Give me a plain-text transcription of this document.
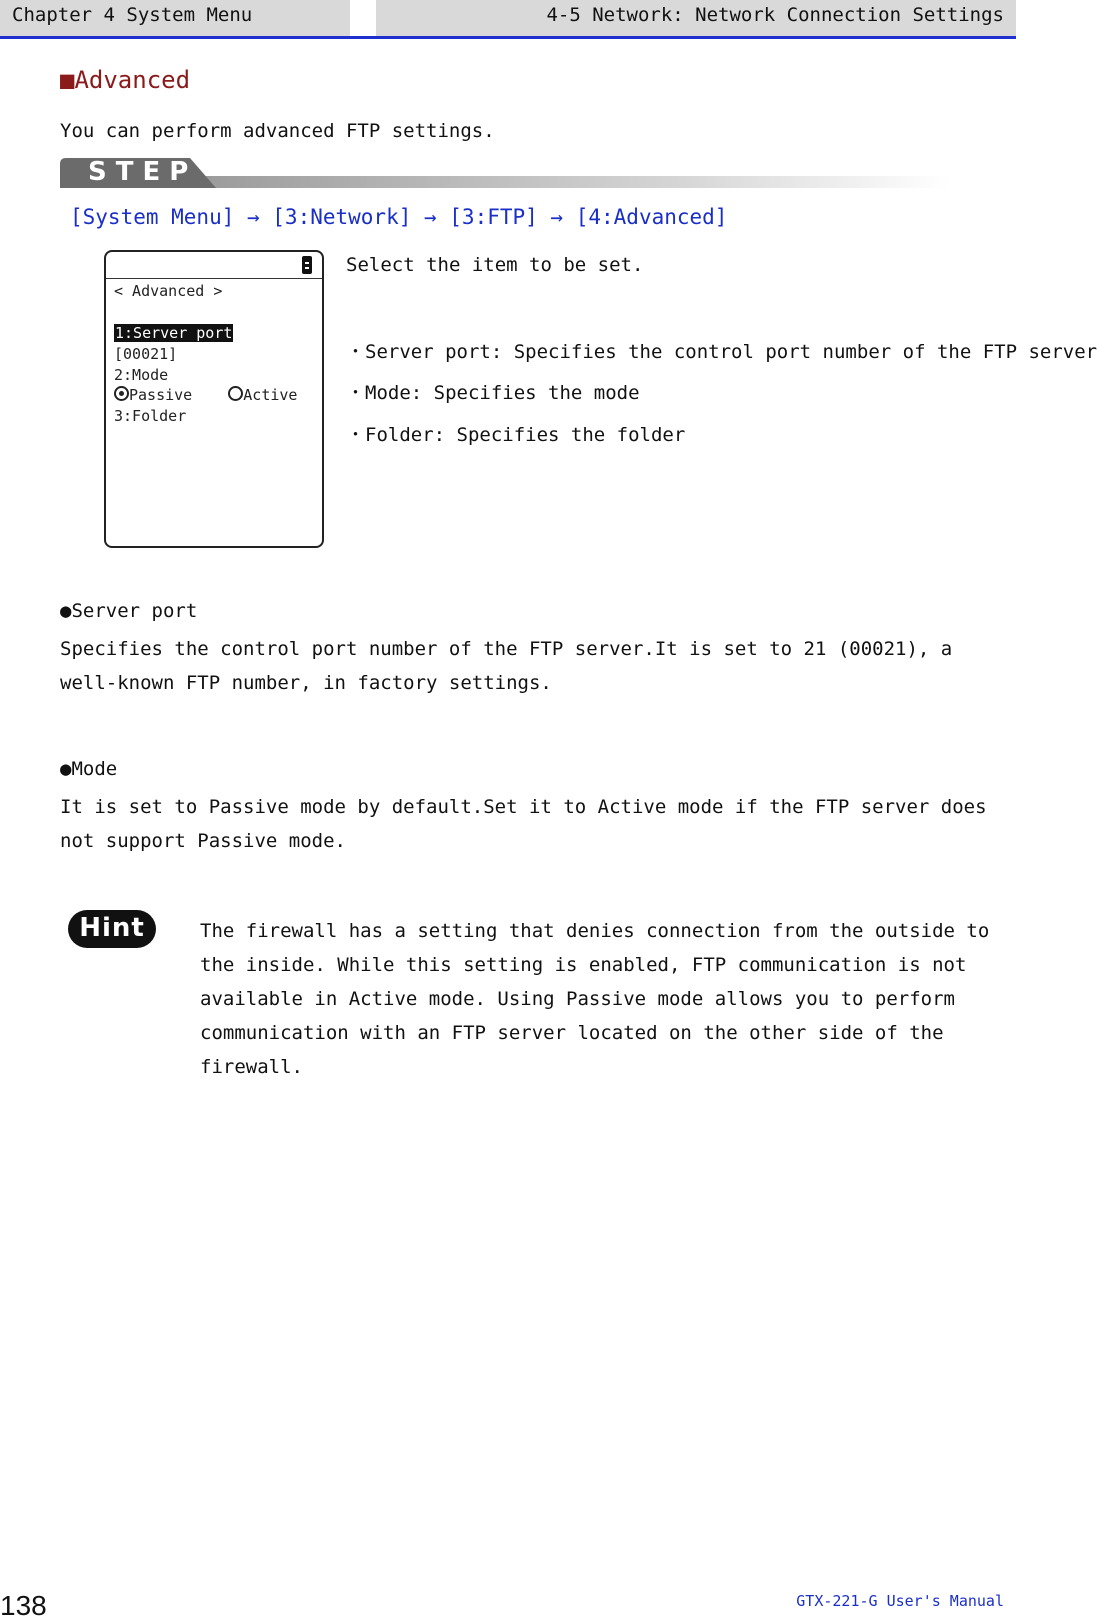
Chapter 4 System Menu	4-5 Network: Network Connection Settings
■Advanced
You can perform advanced FTP settings.
STEP
[System Menu] → [3:Network] → [3:FTP] → [4:Advanced]
< Advanced >
1:Server port
[00021]
2:Mode
Passive	Active
3:Folder
Select the item to be set.
・Server port: Specifies the control port number of the FTP server
・Mode: Specifies the mode
・Folder: Specifies the folder
●Server port
Specifies the control port number of the FTP server.It is set to 21 (00021), a well-known FTP number, in factory settings.
●Mode
It is set to Passive mode by default.Set it to Active mode if the FTP server does not support Passive mode.
Hint	The firewall has a setting that denies connection from the outside to the inside. While this setting is enabled, FTP communication is not available in Active mode. Using Passive mode allows you to perform communication with an FTP server located on the other side of the firewall.
138	GTX-221-G User's Manual
